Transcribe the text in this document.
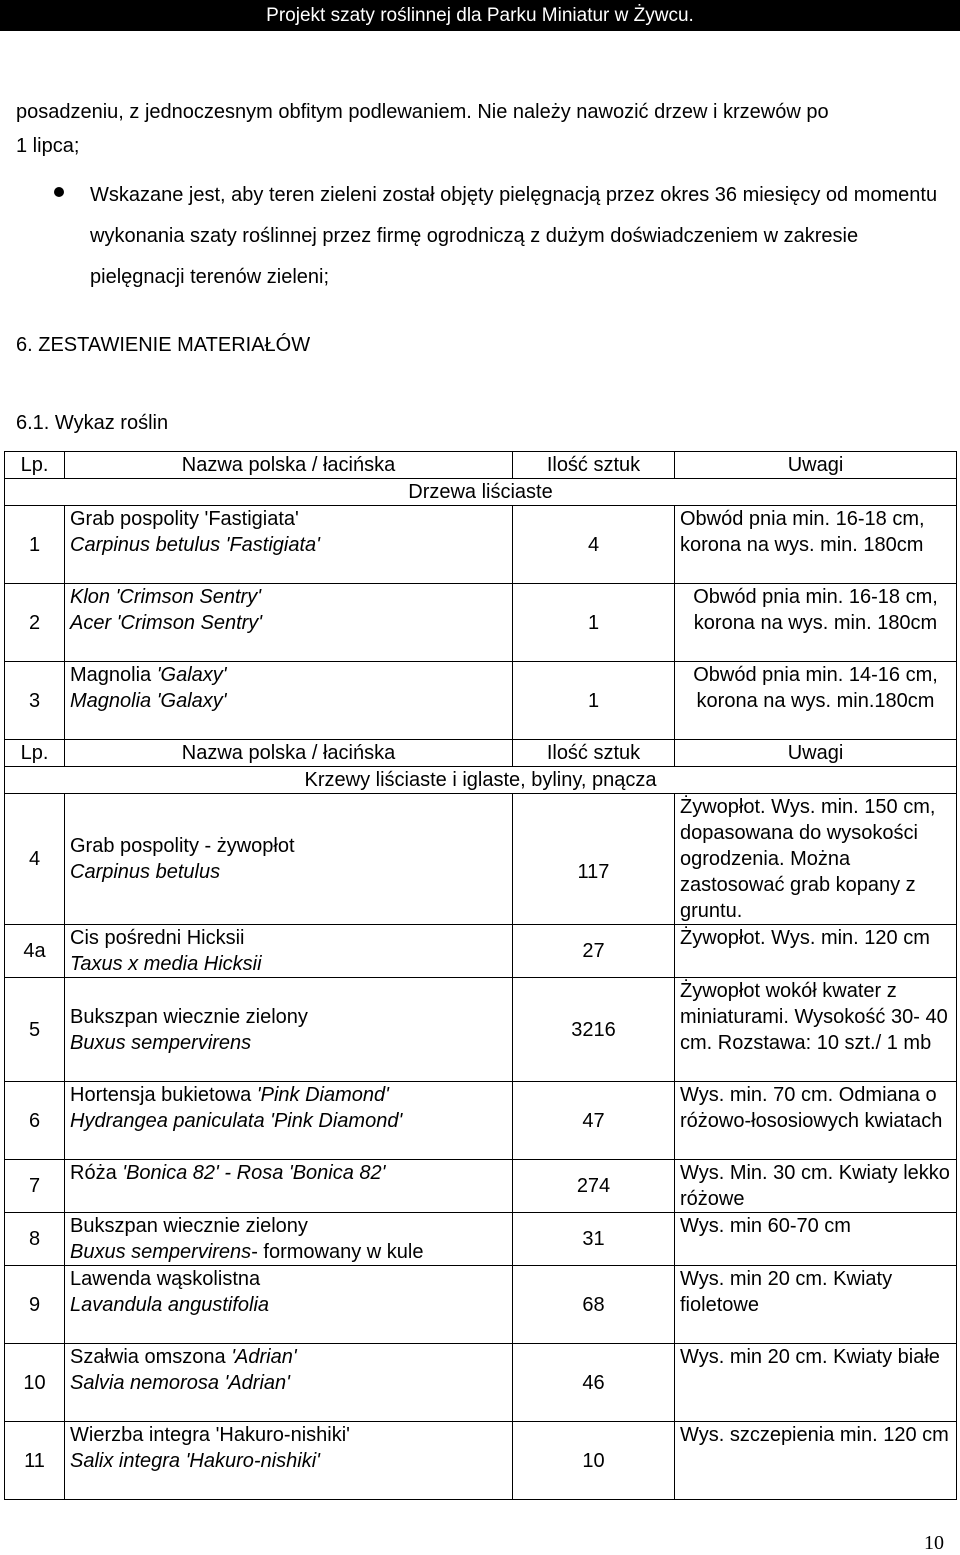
Projekt szaty roślinnej dla Parku Miniatur w Żywcu.

posadzeniu, z jednoczesnym obfitym podlewaniem. Nie należy nawozić drzew i krzewów po
1 lipca;

Wskazane jest, aby teren zieleni został objęty pielęgnacją przez okres 36 miesięcy od momentu wykonania szaty roślinnej przez firmę ogrodniczą z dużym doświadczeniem w zakresie pielęgnacji terenów zieleni;
6. ZESTAWIENIE MATERIAŁÓW
6.1. Wykaz roślin
Lp.	Nazwa polska / łacińska	Ilość sztuk	Uwagi
Drzewa liściaste			
1	Grab pospolity 'Fastigiata'
Carpinus betulus 'Fastigiata'	4	Obwód pnia min. 16-18 cm, korona na wys. min. 180cm
2	Klon 'Crimson Sentry'
Acer 'Crimson Sentry'	1	Obwód pnia min. 16-18 cm, korona na wys. min. 180cm
3	Magnolia 'Galaxy'
Magnolia 'Galaxy'	1	Obwód pnia min. 14-16 cm, korona na wys. min.180cm
Lp.	Nazwa polska / łacińska	Ilość sztuk	Uwagi
Krzewy liściaste i iglaste, byliny, pnącza			
4	Grab pospolity - żywopłot
Carpinus betulus	117	Żywopłot. Wys. min. 150 cm, dopasowana do wysokości ogrodzenia. Można zastosować grab kopany z gruntu.
4a	Cis pośredni Hicksii
Taxus x media Hicksii	27	Żywopłot. Wys. min. 120 cm
5	Bukszpan wiecznie zielony
Buxus sempervirens	3216	Żywopłot wokół kwater z miniaturami. Wysokość 30- 40 cm. Rozstawa: 10 szt./ 1 mb
6	Hortensja bukietowa 'Pink Diamond'
Hydrangea paniculata 'Pink Diamond'	47	Wys. min. 70 cm. Odmiana o różowo-łososiowych kwiatach
7	Róża 'Bonica 82' - Rosa 'Bonica 82'	274	Wys. Min. 30 cm. Kwiaty lekko różowe
8	Bukszpan wiecznie zielony
Buxus sempervirens- formowany w kule	31	Wys. min 60-70 cm
9	Lawenda wąskolistna
Lavandula angustifolia	68	Wys. min 20 cm. Kwiaty fioletowe
10	Szałwia omszona 'Adrian'
Salvia nemorosa 'Adrian'	46	Wys. min 20 cm. Kwiaty białe
11	Wierzba integra 'Hakuro-nishiki'
Salix integra 'Hakuro-nishiki'	10	Wys. szczepienia min. 120 cm
10
